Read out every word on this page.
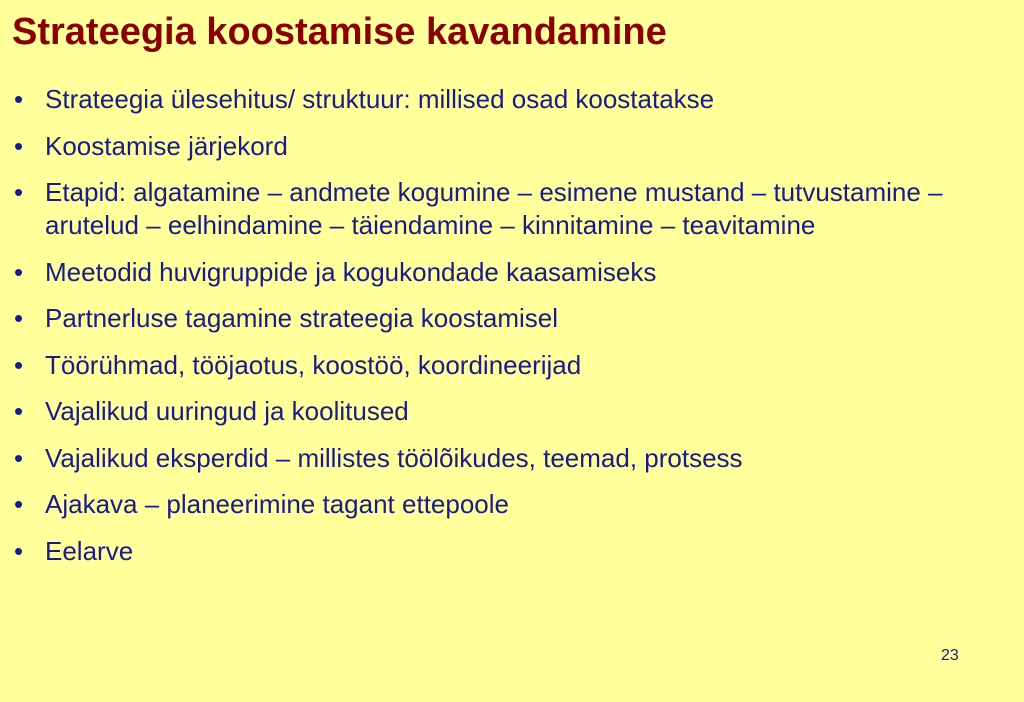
Strateegia koostamise kavandamine
• Strateegia ülesehitus/ struktuur: millised osad koostatakse
• Koostamise järjekord
• Etapid: algatamine – andmete kogumine – esimene mustand – tutvustamine – arutelud – eelhindamine – täiendamine – kinnitamine – teavitamine
• Meetodid huvigruppide ja kogukondade kaasamiseks
• Partnerluse tagamine strateegia koostamisel
• Töörühmad, tööjaotus, koostöö, koordineerijad
• Vajalikud uuringud ja koolitused
• Vajalikud eksperdid – millistes töölõikudes, teemad, protsess
• Ajakava – planeerimine tagant ettepoole
• Eelarve
23
